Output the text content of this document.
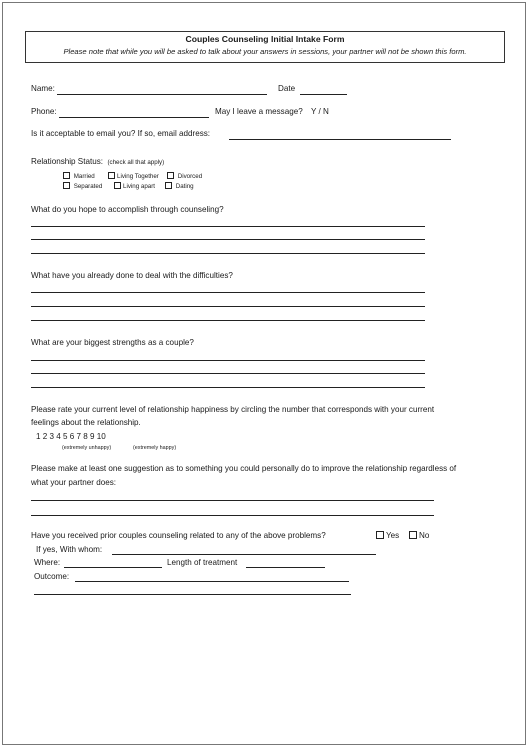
Couples Counseling Initial Intake Form
Please note that while you will be asked to talk about your answers in sessions, your partner will not be shown this form.
Name:	Date
Phone:	May I leave a message? Y / N
Is it acceptable to email you? If so, email address:
Relationship Status: (check all that apply)
Married	Living Together	Divorced
Separated	Living apart	Dating
What do you hope to accomplish through counseling?
What have you already done to deal with the difficulties?
What are your biggest strengths as a couple?
Please rate your current level of relationship happiness by circling the number that corresponds with your current
feelings about the relationship.
1 2 3 4 5 6 7 8 9 10
(extremely unhappy)	(extremely happy)
Please make at least one suggestion as to something you could personally do to improve the relationship regardless of
what your partner does:
Have you received prior couples counseling related to any of the above problems?	Yes	No
If yes, With whom:
Where:	Length of treatment
Outcome:
